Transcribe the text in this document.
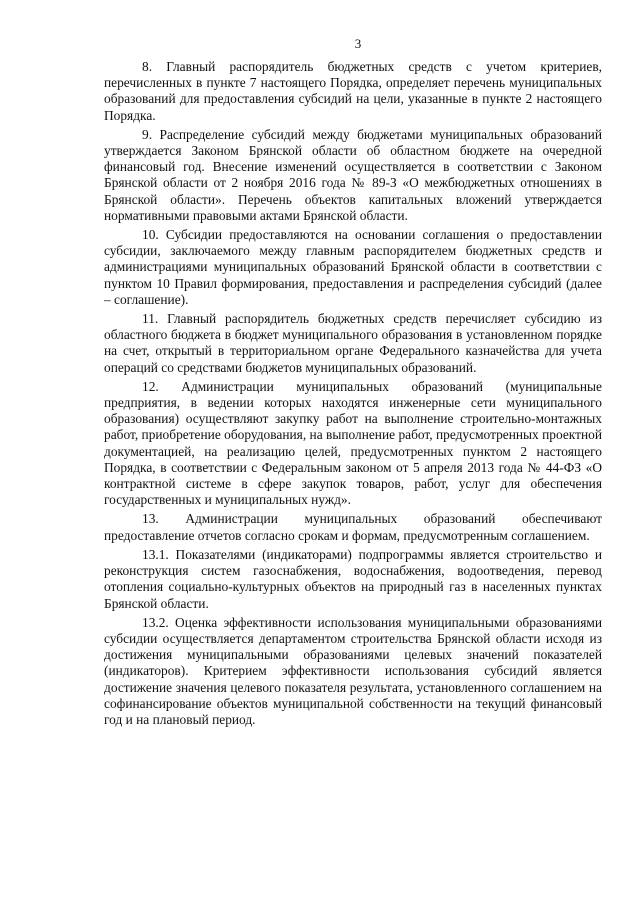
3

8. Главный распорядитель бюджетных средств с учетом критериев, перечисленных в пункте 7 настоящего Порядка, определяет перечень муниципальных образований для предоставления субсидий на цели, указанные в пункте 2 настоящего Порядка.

9. Распределение субсидий между бюджетами муниципальных образований утверждается Законом Брянской области об областном бюджете на очередной финансовый год. Внесение изменений осуществляется в соответствии с Законом Брянской области от 2 ноября 2016 года № 89-З «О межбюджетных отношениях в Брянской области». Перечень объектов капитальных вложений утверждается нормативными правовыми актами Брянской области.

10. Субсидии предоставляются на основании соглашения о предоставлении субсидии, заключаемого между главным распорядителем бюджетных средств и администрациями муниципальных образований Брянской области в соответствии с пунктом 10 Правил формирования, предоставления и распределения субсидий (далее – соглашение).

11. Главный распорядитель бюджетных средств перечисляет субсидию из областного бюджета в бюджет муниципального образования в установленном порядке на счет, открытый в территориальном органе Федерального казначейства для учета операций со средствами бюджетов муниципальных образований.

12. Администрации муниципальных образований (муниципальные предприятия, в ведении которых находятся инженерные сети муниципального образования) осуществляют закупку работ на выполнение строительно-монтажных работ, приобретение оборудования, на выполнение работ, предусмотренных проектной документацией, на реализацию целей, предусмотренных пунктом 2 настоящего Порядка, в соответствии с Федеральным законом от 5 апреля 2013 года № 44-ФЗ «О контрактной системе в сфере закупок товаров, работ, услуг для обеспечения государственных и муниципальных нужд».

13. Администрации муниципальных образований обеспечивают предоставление отчетов согласно срокам и формам, предусмотренным соглашением.

13.1. Показателями (индикаторами) подпрограммы является строительство и реконструкция систем газоснабжения, водоснабжения, водоотведения, перевод отопления социально-культурных объектов на природный газ в населенных пунктах Брянской области.

13.2. Оценка эффективности использования муниципальными образованиями субсидии осуществляется департаментом строительства Брянской области исходя из достижения муниципальными образованиями целевых значений показателей (индикаторов). Критерием эффективности использования субсидий является достижение значения целевого показателя результата, установленного соглашением на софинансирование объектов муниципальной собственности на текущий финансовый год и на плановый период.
